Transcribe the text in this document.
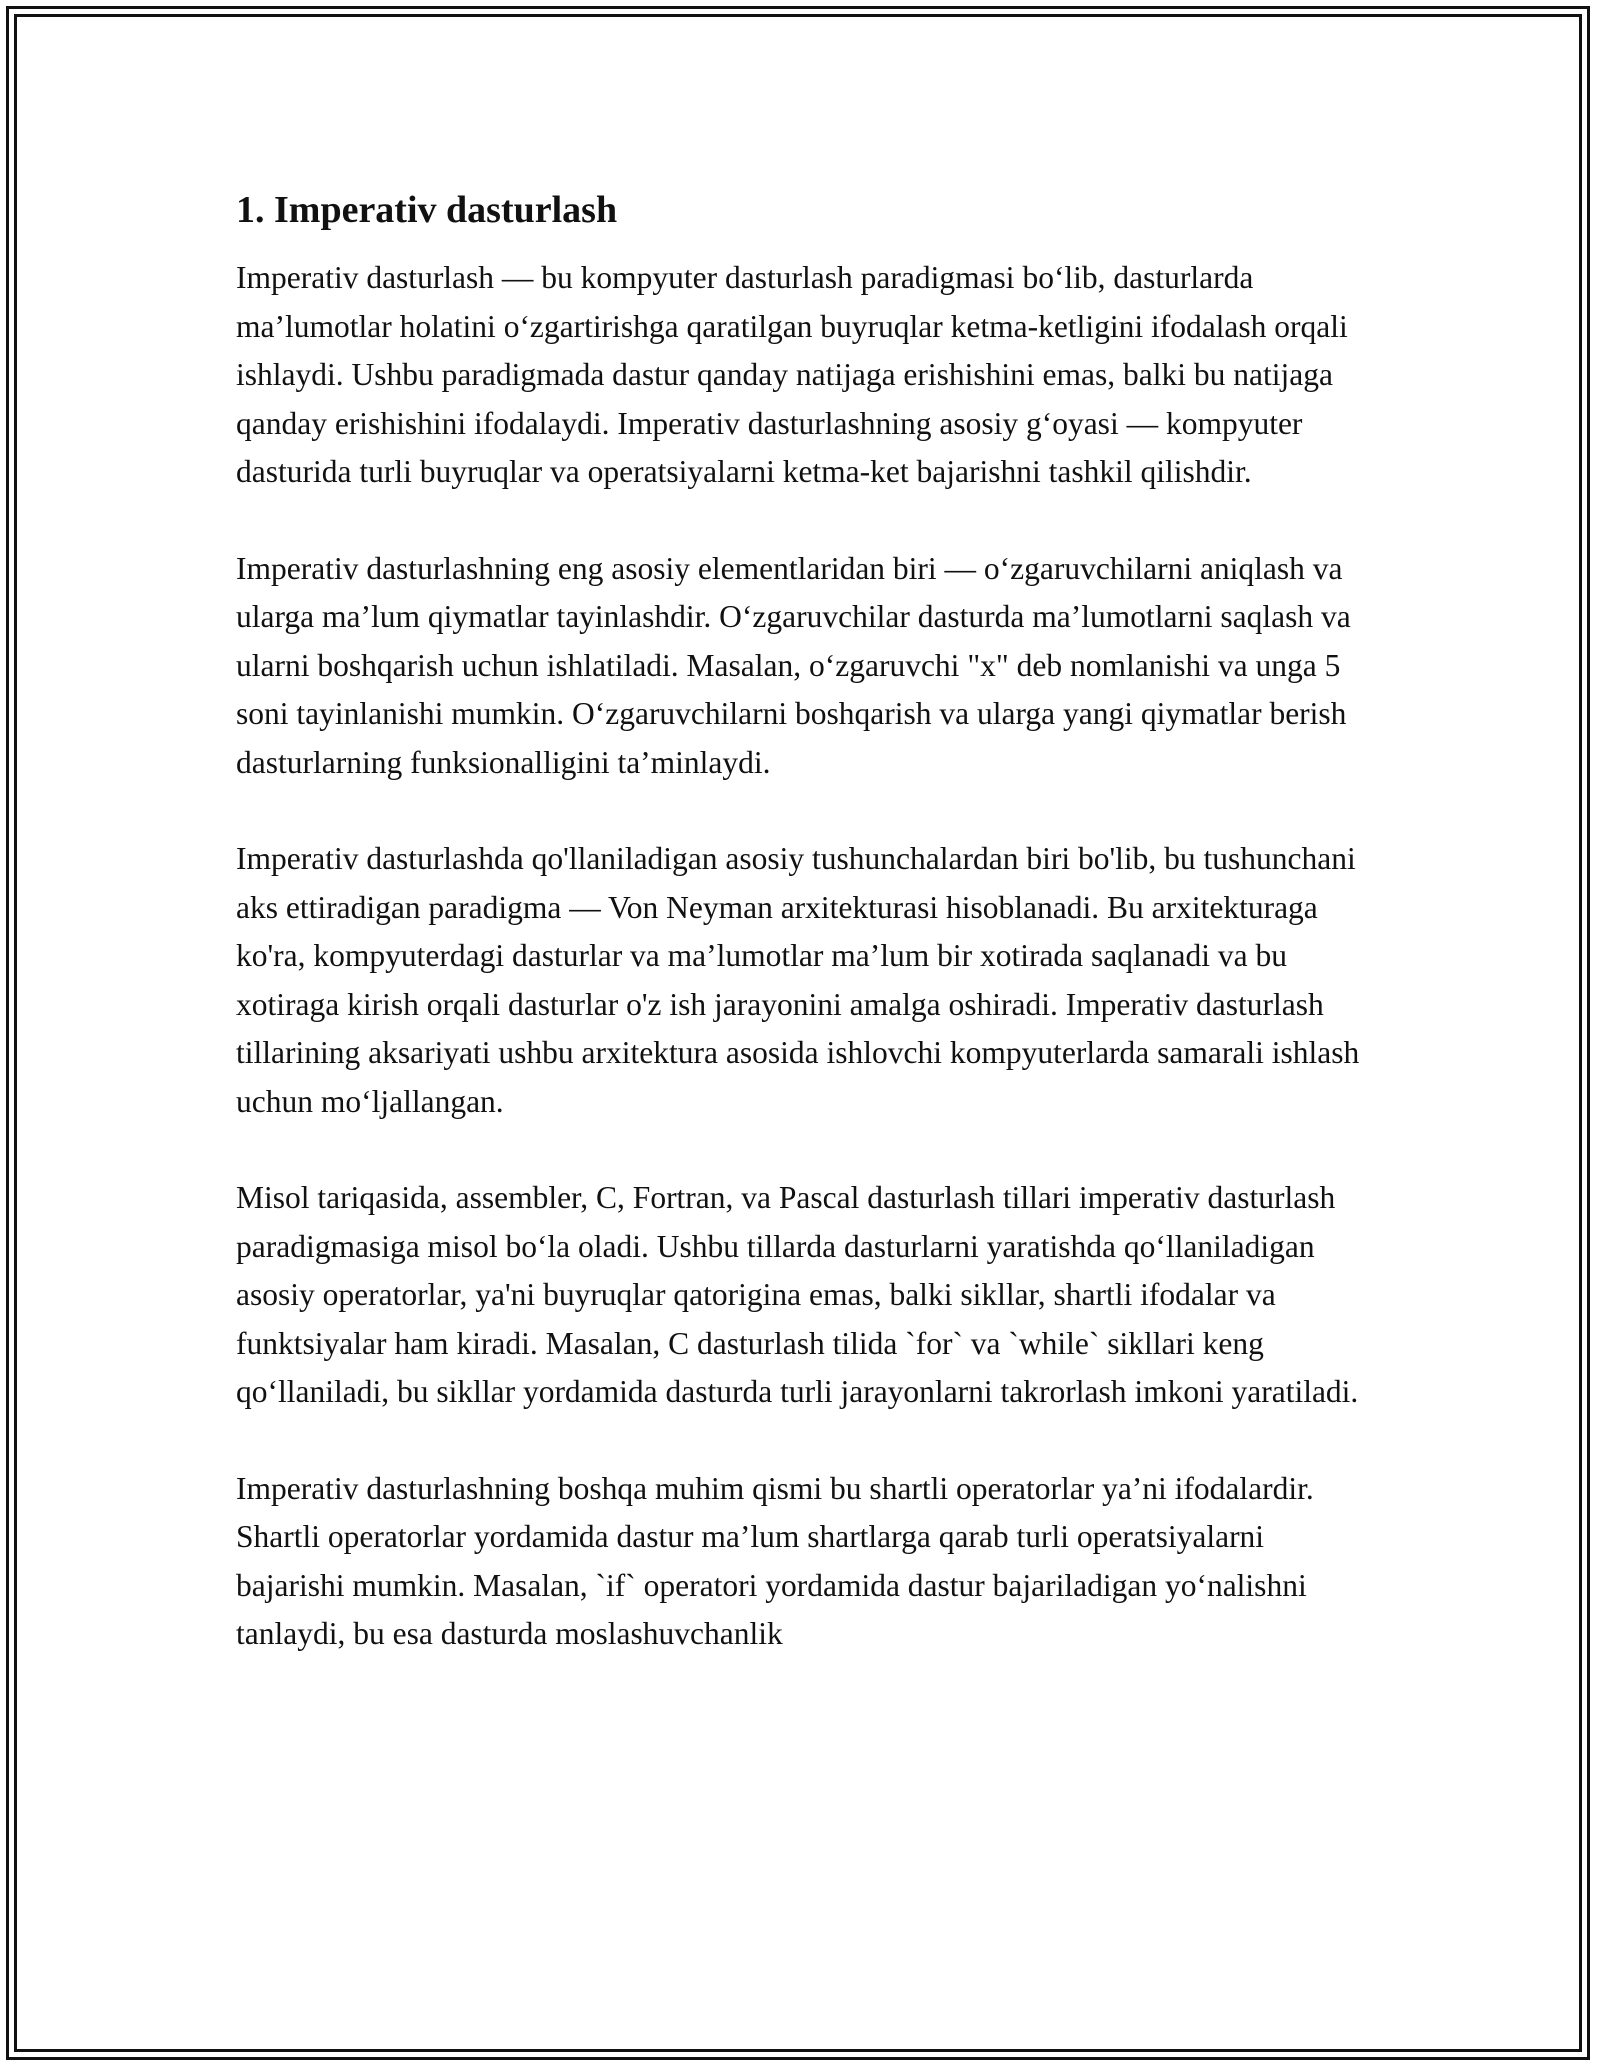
1. Imperativ dasturlash

Imperativ dasturlash — bu kompyuter dasturlash paradigmasi bo‘lib, dasturlarda ma’lumotlar holatini o‘zgartirishga qaratilgan buyruqlar ketma-ketligini ifodalash orqali ishlaydi. Ushbu paradigmada dastur qanday natijaga erishishini emas, balki bu natijaga qanday erishishini ifodalaydi. Imperativ dasturlashning asosiy g‘oyasi — kompyuter dasturida turli buyruqlar va operatsiyalarni ketma-ket bajarishni tashkil qilishdir.

Imperativ dasturlashning eng asosiy elementlaridan biri — o‘zgaruvchilarni aniqlash va ularga ma’lum qiymatlar tayinlashdir. O‘zgaruvchilar dasturda ma’lumotlarni saqlash va ularni boshqarish uchun ishlatiladi. Masalan, o‘zgaruvchi "x" deb nomlanishi va unga 5 soni tayinlanishi mumkin. O‘zgaruvchilarni boshqarish va ularga yangi qiymatlar berish dasturlarning funksionalligini ta’minlaydi.

Imperativ dasturlashda qo'llaniladigan asosiy tushunchalardan biri bo'lib, bu tushunchani aks ettiradigan paradigma — Von Neyman arxitekturasi hisoblanadi. Bu arxitekturaga ko'ra, kompyuterdagi dasturlar va ma’lumotlar ma’lum bir xotirada saqlanadi va bu xotiraga kirish orqali dasturlar o'z ish jarayonini amalga oshiradi. Imperativ dasturlash tillarining aksariyati ushbu arxitektura asosida ishlovchi kompyuterlarda samarali ishlash uchun mo‘ljallangan.

Misol tariqasida, assembler, C, Fortran, va Pascal dasturlash tillari imperativ dasturlash paradigmasiga misol bo‘la oladi. Ushbu tillarda dasturlarni yaratishda qo‘llaniladigan asosiy operatorlar, ya'ni buyruqlar qatorigina emas, balki sikllar, shartli ifodalar va funktsiyalar ham kiradi. Masalan, C dasturlash tilida `for` va `while` sikllari keng qo‘llaniladi, bu sikllar yordamida dasturda turli jarayonlarni takrorlash imkoni yaratiladi.

Imperativ dasturlashning boshqa muhim qismi bu shartli operatorlar ya’ni ifodalardir. Shartli operatorlar yordamida dastur ma’lum shartlarga qarab turli operatsiyalarni bajarishi mumkin. Masalan, `if` operatori yordamida dastur bajariladigan yo‘nalishni tanlaydi, bu esa dasturda moslashuvchanlik
